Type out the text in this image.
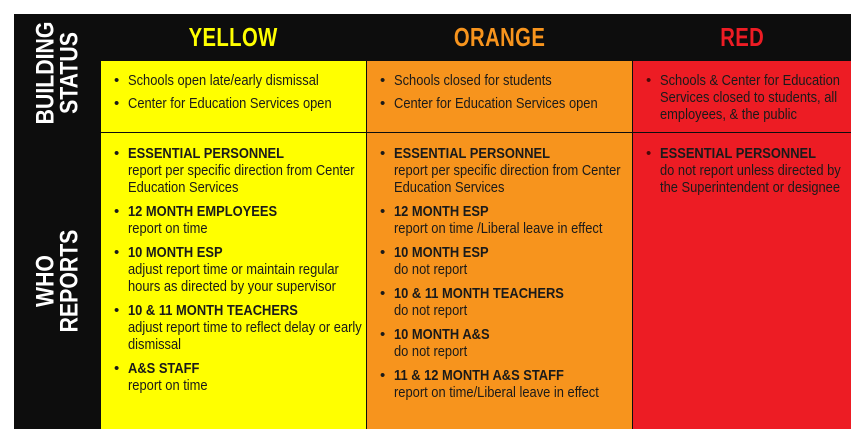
YELLOW	ORANGE	RED
BUILDING
STATUS
WHO
REPORTS
• Schools open late/early dismissal
• Center for Education Services open
• Schools closed for students
• Center for Education Services open
• Schools & Center for Education Services closed to students, all employees, & the public
• ESSENTIAL PERSONNEL
report per specific direction from Center Education Services
• 12 MONTH EMPLOYEES
report on time
• 10 MONTH ESP
adjust report time or maintain regular hours as directed by your supervisor
• 10 & 11 MONTH TEACHERS
adjust report time to reflect delay or early dismissal
• A&S STAFF
report on time
• ESSENTIAL PERSONNEL
report per specific direction from Center Education Services
• 12 MONTH ESP
report on time /Liberal leave in effect
• 10 MONTH ESP
do not report
• 10 & 11 MONTH TEACHERS
do not report
• 10 MONTH A&S
do not report
• 11 & 12 MONTH A&S STAFF
report on time/Liberal leave in effect
• ESSENTIAL PERSONNEL
do not report unless directed by the Superintendent or designee
